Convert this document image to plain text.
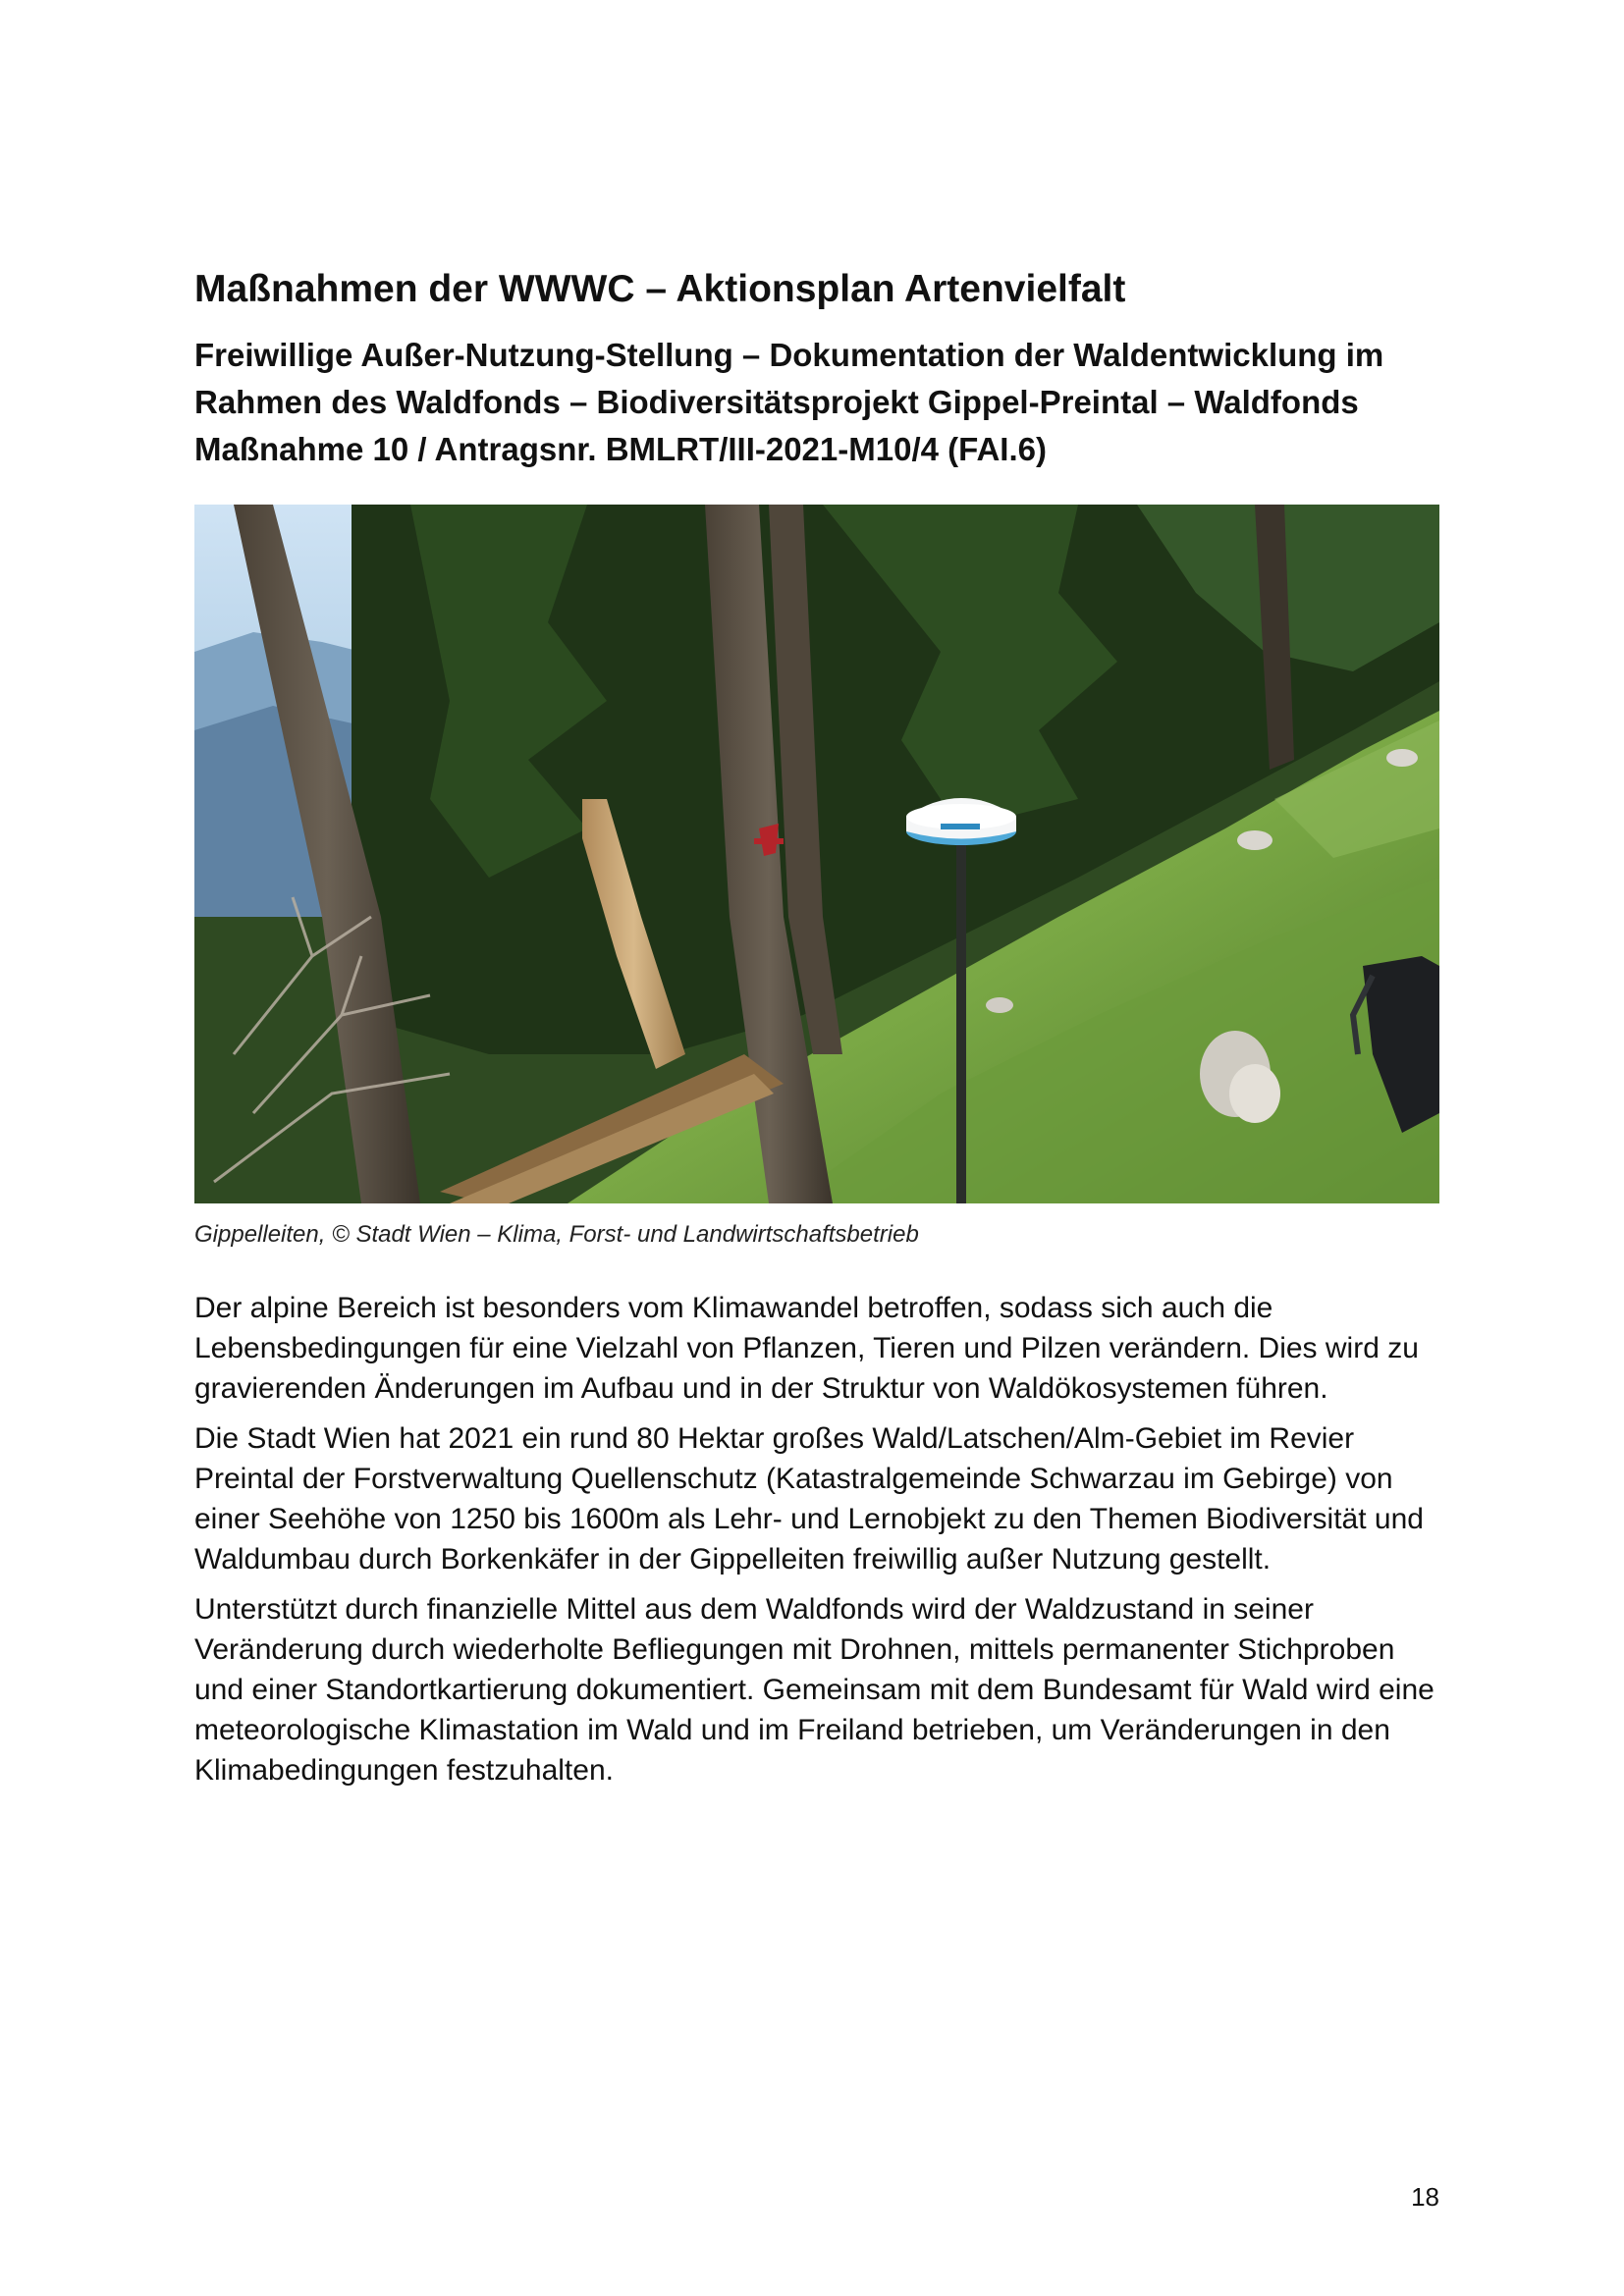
Maßnahmen der WWWC – Aktionsplan Artenvielfalt
Freiwillige Außer-Nutzung-Stellung – Dokumentation der Waldentwicklung im Rahmen des Waldfonds – Biodiversitätsprojekt Gippel-Preintal – Waldfonds Maßnahme 10 / Antragsnr. BMLRT/III-2021-M10/4 (FAI.6)
Gippelleiten, © Stadt Wien – Klima, Forst- und Landwirtschaftsbetrieb

Der alpine Bereich ist besonders vom Klimawandel betroffen, sodass sich auch die Lebensbedingungen für eine Vielzahl von Pflanzen, Tieren und Pilzen verändern. Dies wird zu gravierenden Änderungen im Aufbau und in der Struktur von Waldökosystemen führen.

Die Stadt Wien hat 2021 ein rund 80 Hektar großes Wald/Latschen/Alm-Gebiet im Revier Preintal der Forstverwaltung Quellenschutz (Katastralgemeinde Schwarzau im Gebirge) von einer Seehöhe von 1250 bis 1600m als Lehr- und Lernobjekt zu den Themen Biodiversität und Waldumbau durch Borkenkäfer in der Gippelleiten freiwillig außer Nutzung gestellt.

Unterstützt durch finanzielle Mittel aus dem Waldfonds wird der Waldzustand in seiner Veränderung durch wiederholte Befliegungen mit Drohnen, mittels permanenter Stichproben und einer Standortkartierung dokumentiert. Gemeinsam mit dem Bundesamt für Wald wird eine meteorologische Klimastation im Wald und im Freiland betrieben, um Veränderungen in den Klimabedingungen festzuhalten.

18
